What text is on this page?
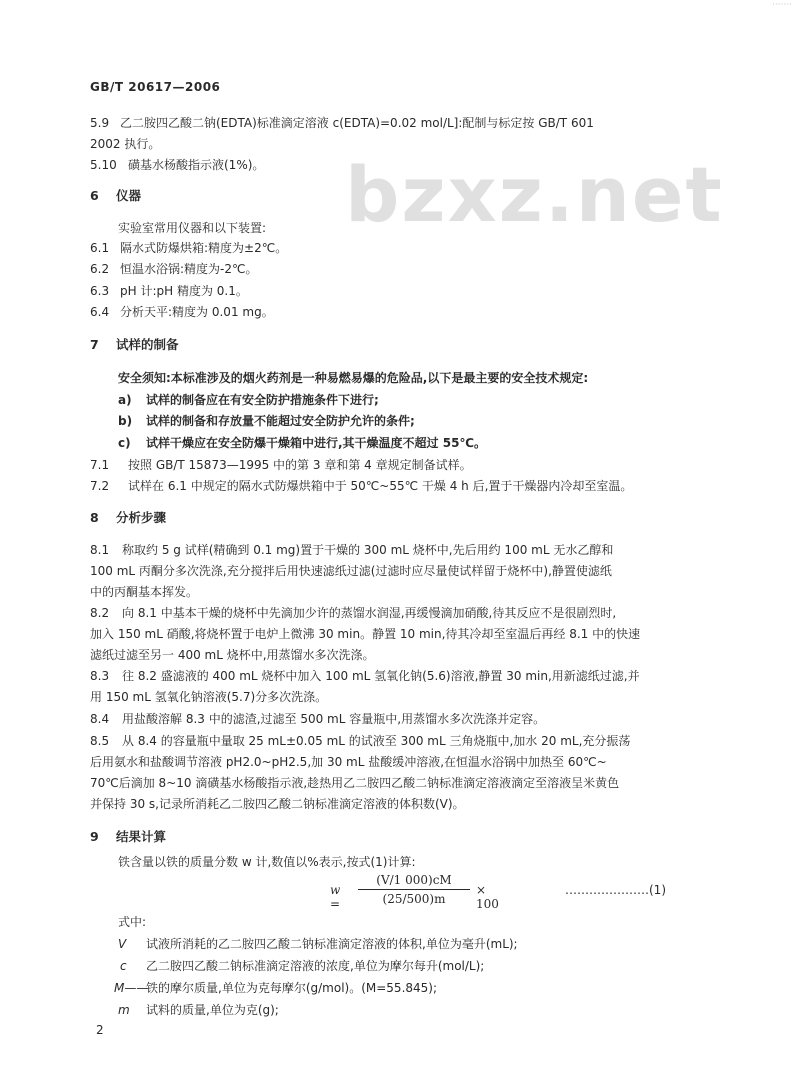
·······
GB/T 20617—2006
bzxz.net
5.9 乙二胺四乙酸二钠(EDTA)标准滴定溶液 c(EDTA)=0.02 mol/L]:配制与标定按 GB/T 601
2002 执行。
5.10 磺基水杨酸指示液(1%)。
6 仪器
实验室常用仪器和以下装置:
6.1 隔水式防爆烘箱:精度为±2℃。
6.2 恒温水浴锅:精度为-2℃。
6.3 pH 计:pH 精度为 0.1。
6.4 分析天平:精度为 0.01 mg。
7 试样的制备
安全须知:本标准涉及的烟火药剂是一种易燃易爆的危险品,以下是最主要的安全技术规定:
a) 试样的制备应在有安全防护措施条件下进行;
b) 试样的制备和存放量不能超过安全防护允许的条件;
c) 试样干燥应在安全防爆干燥箱中进行,其干燥温度不超过 55℃。
7.1 按照 GB/T 15873—1995 中的第 3 章和第 4 章规定制备试样。
7.2 试样在 6.1 中规定的隔水式防爆烘箱中于 50℃~55℃ 干燥 4 h 后,置于干燥器内冷却至室温。
8 分析步骤
8.1 称取约 5 g 试样(精确到 0.1 mg)置于干燥的 300 mL 烧杯中,先后用约 100 mL 无水乙醇和
100 mL 丙酮分多次洗涤,充分搅拌后用快速滤纸过滤(过滤时应尽量使试样留于烧杯中),静置使滤纸
中的丙酮基本挥发。
8.2 向 8.1 中基本干燥的烧杯中先滴加少许的蒸馏水润湿,再缓慢滴加硝酸,待其反应不是很剧烈时,
加入 150 mL 硝酸,将烧杯置于电炉上微沸 30 min。静置 10 min,待其冷却至室温后再经 8.1 中的快速
滤纸过滤至另一 400 mL 烧杯中,用蒸馏水多次洗涤。
8.3 往 8.2 盛滤液的 400 mL 烧杯中加入 100 mL 氢氧化钠(5.6)溶液,静置 30 min,用新滤纸过滤,并
用 150 mL 氢氧化钠溶液(5.7)分多次洗涤。
8.4 用盐酸溶解 8.3 中的滤渣,过滤至 500 mL 容量瓶中,用蒸馏水多次洗涤并定容。
8.5 从 8.4 的容量瓶中量取 25 mL±0.05 mL 的试液至 300 mL 三角烧瓶中,加水 20 mL,充分振荡
后用氨水和盐酸调节溶液 pH2.0~pH2.5,加 30 mL 盐酸缓冲溶液,在恒温水浴锅中加热至 60℃~
70℃后滴加 8~10 滴磺基水杨酸指示液,趁热用乙二胺四乙酸二钠标准滴定溶液滴定至溶液呈米黄色
并保持 30 s,记录所消耗乙二胺四乙酸二钠标准滴定溶液的体积数(V)。
9 结果计算
铁含量以铁的质量分数 w 计,数值以%表示,按式(1)计算:
$w = \frac{(V/1 000)cM}{(25/500)m} \times 100$
…………………(1)
式中:
V 试液所消耗的乙二胺四乙酸二钠标准滴定溶液的体积,单位为毫升(mL);
c 乙二胺四乙酸二钠标准滴定溶液的浓度,单位为摩尔每升(mol/L);
M——
铁的摩尔质量,单位为克每摩尔(g/mol)。(M=55.845);
m 试料的质量,单位为克(g);
2
